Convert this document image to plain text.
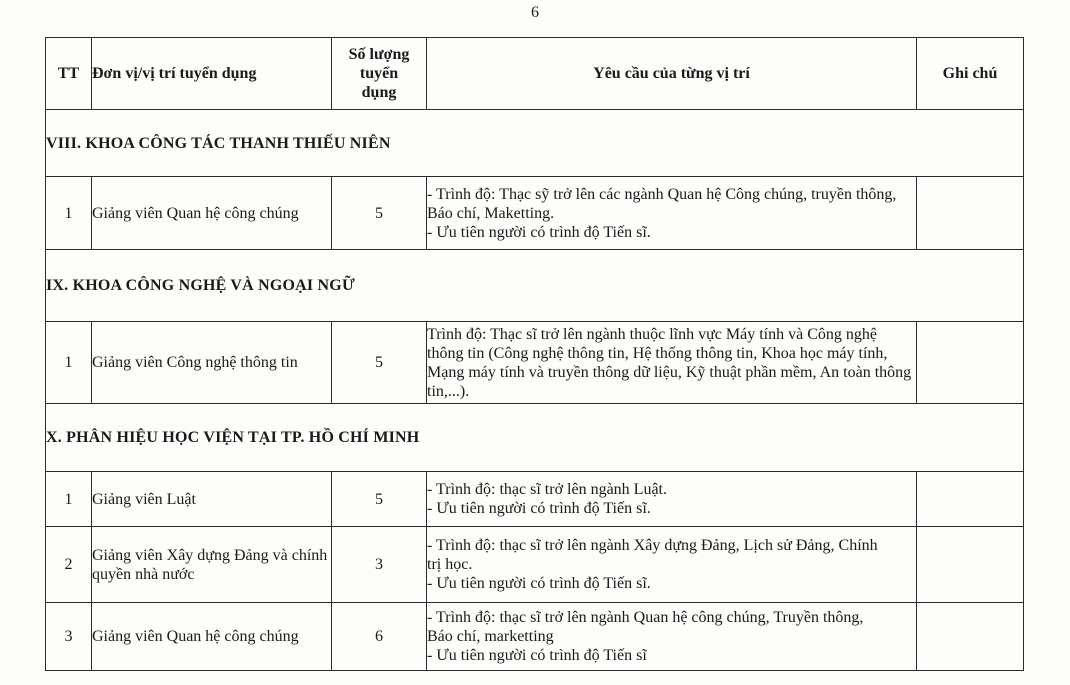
6
TT	Đơn vị/vị trí tuyển dụng	Số lượng
tuyển
dụng	Yêu cầu của từng vị trí	Ghi chú
VIII. KHOA CÔNG TÁC THANH THIẾU NIÊN				
1	Giảng viên Quan hệ công chúng	5	- Trình độ: Thạc sỹ trở lên các ngành Quan hệ Công chúng, truyền thông,
Báo chí, Maketting.
- Ưu tiên người có trình độ Tiến sĩ.	

IX. KHOA CÔNG NGHỆ VÀ NGOẠI NGỮ				
1	Giảng viên Công nghệ thông tin	5	Trình độ: Thạc sĩ trở lên ngành thuộc lĩnh vực Máy tính và Công nghệ
thông tin (Công nghệ thông tin, Hệ thống thông tin, Khoa học máy tính,
Mạng máy tính và truyền thông dữ liệu, Kỹ thuật phần mềm, An toàn thông
tin,...).	

X. PHÂN HIỆU HỌC VIỆN TẠI TP. HỒ CHÍ MINH				
1	Giảng viên Luật	5	- Trình độ: thạc sĩ trở lên ngành Luật.
- Ưu tiên người có trình độ Tiến sĩ.	

2	Giảng viên Xây dựng Đảng và chính quyền nhà nước	3	- Trình độ: thạc sĩ trở lên ngành Xây dựng Đảng, Lịch sử Đảng, Chính
trị học.
- Ưu tiên người có trình độ Tiến sĩ.	

3	Giảng viên Quan hệ công chúng	6	- Trình độ: thạc sĩ trở lên ngành Quan hệ công chúng, Truyền thông,
Báo chí, marketting
- Ưu tiên người có trình độ Tiến sĩ	
